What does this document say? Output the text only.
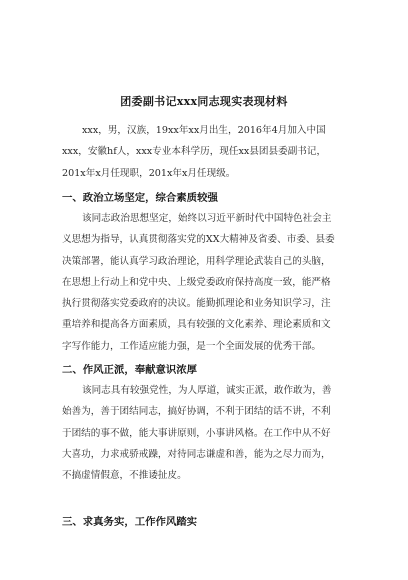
团委副书记xxx同志现实表现材料
xxx，男，汉族，19xx年xx月出生，2016年4月加入中国
xxx，安徽hf人，xxx专业本科学历，现任xx县团县委副书记，
201x年x月任现职，201x年x月任现级。
一、政治立场坚定，综合素质较强
该同志政治思想坚定，始终以习近平新时代中国特色社会主
义思想为指导，认真贯彻落实党的XX大精神及省委、市委、县委
决策部署，能认真学习政治理论，用科学理论武装自己的头脑，
在思想上行动上和党中央、上级党委政府保持高度一致，能严格
执行贯彻落实党委政府的决议。能勤抓理论和业务知识学习，注
重培养和提高各方面素质，具有较强的文化素养、理论素质和文
字写作能力，工作适应能力强，是一个全面发展的优秀干部。
二、作风正派，奉献意识浓厚
该同志具有较强党性，为人厚道，诚实正派，敢作敢为，善
始善为，善于团结同志，搞好协调，不利于团结的话不讲，不利
于团结的事不做，能大事讲原则，小事讲风格。在工作中从不好
大喜功，力求戒骄戒躁，对待同志谦虚和善，能为之尽力而为，
不搞虚情假意，不推诿扯皮。
三、求真务实，工作作风踏实
